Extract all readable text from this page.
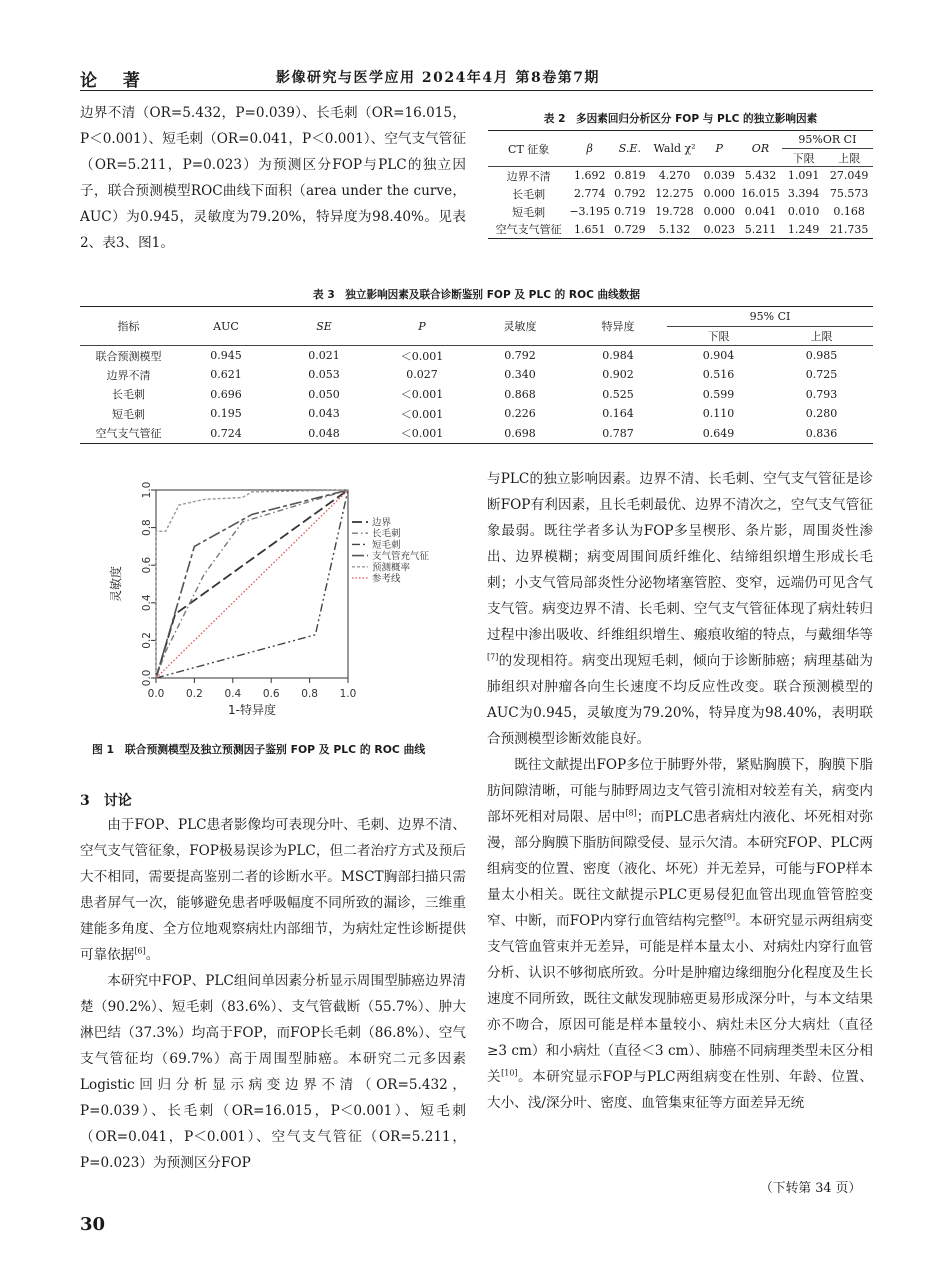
论 著	影像研究与医学应用 2024年4月 第8卷第7期

边界不清（OR=5.432，P=0.039）、长毛刺（OR=16.015，P＜0.001）、短毛刺（OR=0.041，P＜0.001）、空气支气管征（OR=5.211，P=0.023）为预测区分FOP与PLC的独立因子，联合预测模型ROC曲线下面积（area under the curve，AUC）为0.945，灵敏度为79.20%，特异度为98.40%。见表2、表3、图1。

表 2　多因素回归分析区分 FOP 与 PLC 的独立影响因素
CT 征象	β	S.E.	Wald χ²	P	OR	95%OR CI	
						下限	上限
边界不清	1.692	0.819	4.270	0.039	5.432	1.091	27.049
长毛刺	2.774	0.792	12.275	0.000	16.015	3.394	75.573
短毛刺	−3.195	0.719	19.728	0.000	0.041	0.010	0.168
空气支气管征	1.651	0.729	5.132	0.023	5.211	1.249	21.735
表 3　独立影响因素及联合诊断鉴别 FOP 及 PLC 的 ROC 曲线数据
指标	AUC	SE	P	灵敏度	特异度	95% CI	
						下限	上限
联合预测模型	0.945	0.021	＜0.001	0.792	0.984	0.904	0.985
边界不清	0.621	0.053	0.027	0.340	0.902	0.516	0.725
长毛刺	0.696	0.050	＜0.001	0.868	0.525	0.599	0.793
短毛刺	0.195	0.043	＜0.001	0.226	0.164	0.110	0.280
空气支气管征	0.724	0.048	＜0.001	0.698	0.787	0.649	0.836
0.0 0.2 0.4 0.6 0.8 1.0
0.0
0.2
0.4
0.6
0.8
1.0
1-特异度
灵敏度
边界
长毛刺
短毛刺
支气管充气征
预测概率
参考线
图 1　联合预测模型及独立预测因子鉴别 FOP 及 PLC 的 ROC 曲线
3　讨论

由于FOP、PLC患者影像均可表现分叶、毛刺、边界不清、空气支气管征象，FOP极易误诊为PLC，但二者治疗方式及预后大不相同，需要提高鉴别二者的诊断水平。MSCT胸部扫描只需患者屏气一次，能够避免患者呼吸幅度不同所致的漏诊，三维重建能多角度、全方位地观察病灶内部细节，为病灶定性诊断提供可靠依据[6]。

本研究中FOP、PLC组间单因素分析显示周围型肺癌边界清楚（90.2%）、短毛刺（83.6%）、支气管截断（55.7%）、肿大淋巴结（37.3%）均高于FOP，而FOP长毛刺（86.8%）、空气支气管征均（69.7%）高于周围型肺癌。本研究二元多因素Logistic回归分析显示病变边界不清（OR=5.432，P=0.039）、长毛刺（OR=16.015，P＜0.001）、短毛刺（OR=0.041，P＜0.001）、空气支气管征（OR=5.211，P=0.023）为预测区分FOP

与PLC的独立影响因素。边界不清、长毛刺、空气支气管征是诊断FOP有利因素，且长毛刺最优、边界不清次之，空气支气管征象最弱。既往学者多认为FOP多呈楔形、条片影，周围炎性渗出、边界模糊；病变周围间质纤维化、结缔组织增生形成长毛刺；小支气管局部炎性分泌物堵塞管腔、变窄，远端仍可见含气支气管。病变边界不清、长毛刺、空气支气管征体现了病灶转归过程中渗出吸收、纤维组织增生、瘢痕收缩的特点，与戴细华等[7]的发现相符。病变出现短毛刺，倾向于诊断肺癌；病理基础为肺组织对肿瘤各向生长速度不均反应性改变。联合预测模型的AUC为0.945，灵敏度为79.20%，特异度为98.40%，表明联合预测模型诊断效能良好。

既往文献提出FOP多位于肺野外带，紧贴胸膜下，胸膜下脂肪间隙清晰，可能与肺野周边支气管引流相对较差有关，病变内部坏死相对局限、居中[8]；而PLC患者病灶内液化、坏死相对弥漫，部分胸膜下脂肪间隙受侵、显示欠清。本研究FOP、PLC两组病变的位置、密度（液化、坏死）并无差异，可能与FOP样本量太小相关。既往文献提示PLC更易侵犯血管出现血管管腔变窄、中断，而FOP内穿行血管结构完整[9]。本研究显示两组病变支气管血管束并无差异，可能是样本量太小、对病灶内穿行血管分析、认识不够彻底所致。分叶是肿瘤边缘细胞分化程度及生长速度不同所致，既往文献发现肺癌更易形成深分叶，与本文结果亦不吻合，原因可能是样本量较小、病灶未区分大病灶（直径≥3 cm）和小病灶（直径＜3 cm）、肺癌不同病理类型未区分相关[10]。本研究显示FOP与PLC两组病变在性别、年龄、位置、大小、浅/深分叶、密度、血管集束征等方面差异无统

（下转第 34 页）
30
